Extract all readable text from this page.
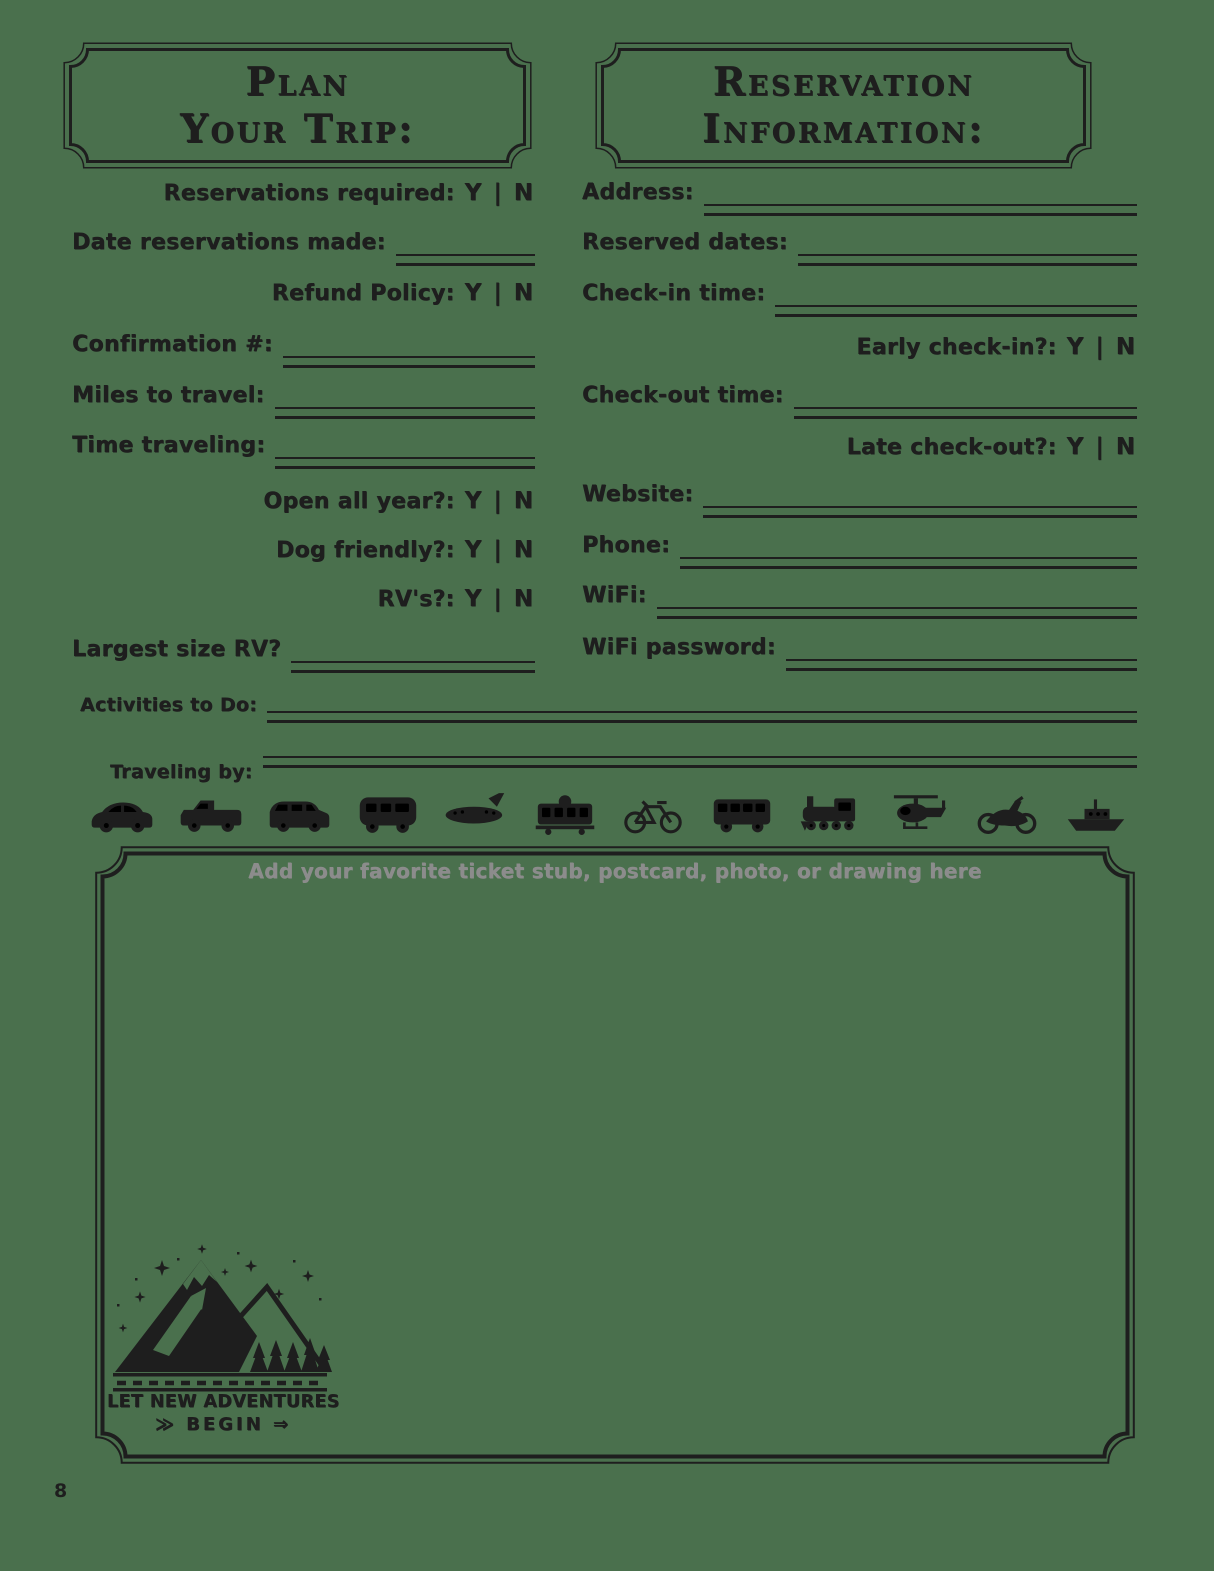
Plan
Your Trip:
Reservation
Information:
Reservations required: Y | N
Date reservations made:
Refund Policy: Y | N
Confirmation #:
Miles to travel:
Time traveling:
Open all year?: Y | N
Dog friendly?: Y | N
RV's?: Y | N
Largest size RV?
Address:
Reserved dates:
Check-in time:
Early check-in?: Y | N
Check-out time:
Late check-out?: Y | N
Website:
Phone:
WiFi:
WiFi password:
Activities to Do:
Traveling by:
Add your favorite ticket stub, postcard, photo, or drawing here
LET NEW ADVENTURES
≫ BEGIN ⇒
8
